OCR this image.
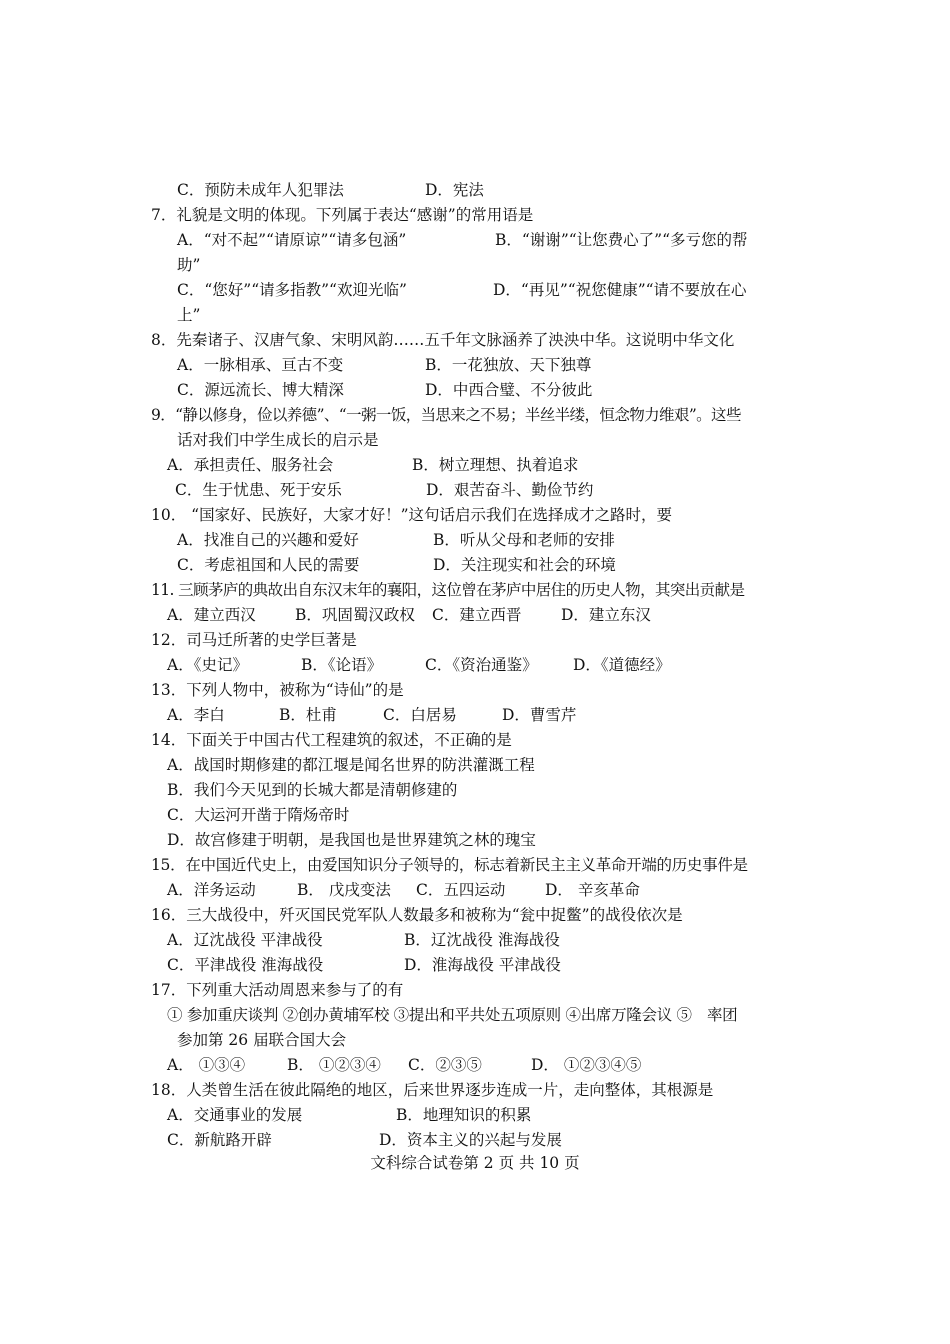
C．预防未成年人犯罪法	D．宪法
7．礼貌是文明的体现。下列属于表达“感谢”的常用语是
A．“对不起”“请原谅”“请多包涵”	B．“谢谢”“让您费心了”“多亏您的帮
助”
C．“您好”“请多指教”“欢迎光临”	D．“再见”“祝您健康”“请不要放在心
上”
8．先秦诸子、汉唐气象、宋明风韵……五千年文脉涵养了泱泱中华。这说明中华文化
A．一脉相承、亘古不变	B．一花独放、天下独尊
C．源远流长、博大精深	D．中西合璧、不分彼此
9．“静以修身，俭以养德”、“一粥一饭，当思来之不易；半丝半缕，恒念物力维艰”。这些
话对我们中学生成长的启示是
A．承担责任、服务社会	B．树立理想、执着追求
C．生于忧患、死于安乐	D．艰苦奋斗、勤俭节约
10． “国家好、民族好，大家才好！”这句话启示我们在选择成才之路时，要
A．找准自己的兴趣和爱好	B．听从父母和老师的安排
C．考虑祖国和人民的需要	D．关注现实和社会的环境
11. 三顾茅庐的典故出自东汉末年的襄阳，这位曾在茅庐中居住的历史人物，其突出贡献是
A．建立西汉	B．巩固蜀汉政权 C．建立西晋	D．建立东汉
12．司马迁所著的史学巨著是
A．《史记》	B．《论语》	C．《资治通鉴》 D．《道德经》
13．下列人物中，被称为“诗仙”的是
A．李白	B．杜甫	C．白居易	D．曹雪芹
14．下面关于中国古代工程建筑的叙述，不正确的是
A．战国时期修建的都江堰是闻名世界的防洪灌溉工程
B．我们今天见到的长城大都是清朝修建的
C．大运河开凿于隋炀帝时
D．故宫修建于明朝，是我国也是世界建筑之林的瑰宝
15．在中国近代史上，由爱国知识分子领导的，标志着新民主主义革命开端的历史事件是
A．洋务运动	B． 戊戌变法 C．五四运动	D． 辛亥革命
16．三大战役中，歼灭国民党军队人数最多和被称为“瓮中捉鳖”的战役依次是
A．辽沈战役 平津战役	B．辽沈战役 淮海战役
C．平津战役 淮海战役	D．淮海战役 平津战役
17．下列重大活动周恩来参与了的有
① 参加重庆谈判 ②创办黄埔军校 ③提出和平共处五项原则 ④出席万隆会议 ⑤　率团
参加第 26 届联合国大会
A． ①③④	B． ①②③④ C．②③⑤	D． ①②③④⑤
18．人类曾生活在彼此隔绝的地区，后来世界逐步连成一片，走向整体，其根源是
A．交通事业的发展	B．地理知识的积累
C．新航路开辟	D．资本主义的兴起与发展
文科综合试卷第 2 页 共 10 页
